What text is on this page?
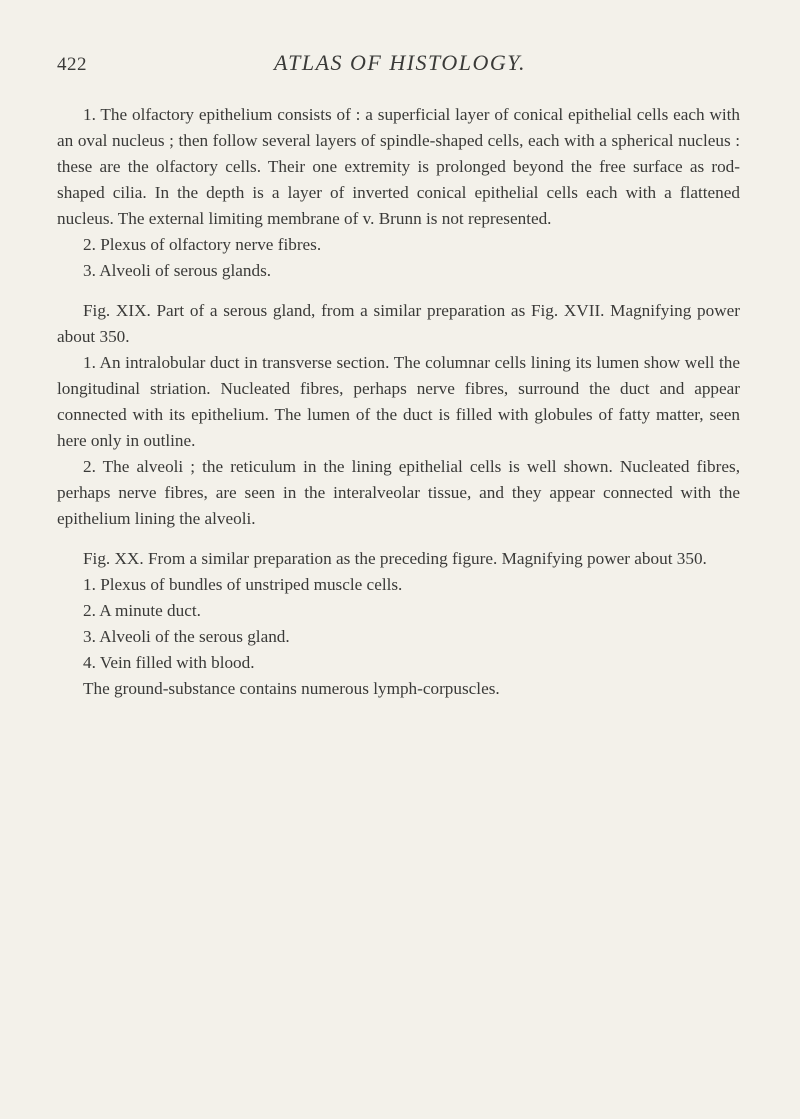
422	ATLAS OF HISTOLOGY.

1. The olfactory epithelium consists of : a superficial layer of conical epithelial cells each with an oval nucleus ; then follow several layers of spindle-shaped cells, each with a spherical nucleus : these are the olfactory cells. Their one extremity is prolonged beyond the free surface as rod-shaped cilia. In the depth is a layer of inverted conical epithelial cells each with a flattened nucleus. The external limiting membrane of v. Brunn is not represented.

2. Plexus of olfactory nerve fibres.

3. Alveoli of serous glands.

Fig. XIX. Part of a serous gland, from a similar preparation as Fig. XVII. Magnifying power about 350.

1. An intralobular duct in transverse section. The columnar cells lining its lumen show well the longitudinal striation. Nucleated fibres, perhaps nerve fibres, surround the duct and appear connected with its epithelium. The lumen of the duct is filled with globules of fatty matter, seen here only in outline.

2. The alveoli ; the reticulum in the lining epithelial cells is well shown. Nucleated fibres, perhaps nerve fibres, are seen in the interalveolar tissue, and they appear connected with the epithelium lining the alveoli.

Fig. XX. From a similar preparation as the preceding figure. Magnifying power about 350.

1. Plexus of bundles of unstriped muscle cells.

2. A minute duct.

3. Alveoli of the serous gland.

4. Vein filled with blood.

The ground-substance contains numerous lymph-corpuscles.
